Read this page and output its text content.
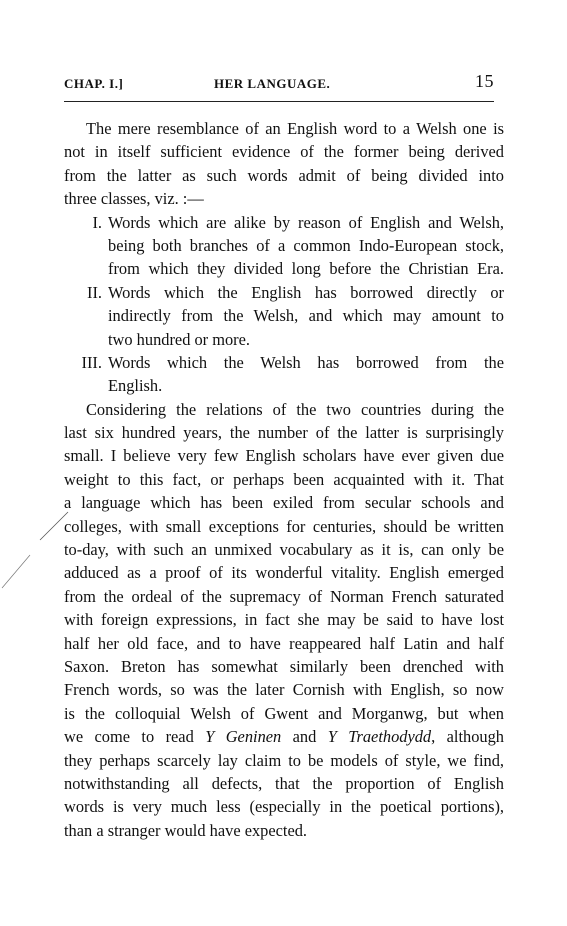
CHAP. I.]	HER LANGUAGE.	15
The mere resemblance of an English word to a Welsh one is
not in itself sufficient evidence of the former being derived
from the latter as such words admit of being divided into
three classes, viz. :—
I. Words which are alike by reason of English and Welsh,
being both branches of a common Indo-European stock,
from which they divided long before the Christian Era.
II. Words which the English has borrowed directly or
indirectly from the Welsh, and which may amount to
two hundred or more.
III. Words which the Welsh has borrowed from the
English.
Considering the relations of the two countries during the
last six hundred years, the number of the latter is surprisingly
small. I believe very few English scholars have ever given due
weight to this fact, or perhaps been acquainted with it. That
a language which has been exiled from secular schools and
colleges, with small exceptions for centuries, should be written
to-day, with such an unmixed vocabulary as it is, can only be
adduced as a proof of its wonderful vitality. English emerged
from the ordeal of the supremacy of Norman French saturated
with foreign expressions, in fact she may be said to have lost
half her old face, and to have reappeared half Latin and half
Saxon. Breton has somewhat similarly been drenched with
French words, so was the later Cornish with English, so now
is the colloquial Welsh of Gwent and Morganwg, but when
we come to read Y Geninen and Y Traethodydd, although
they perhaps scarcely lay claim to be models of style, we find,
notwithstanding all defects, that the proportion of English
words is very much less (especially in the poetical portions),
than a stranger would have expected.
